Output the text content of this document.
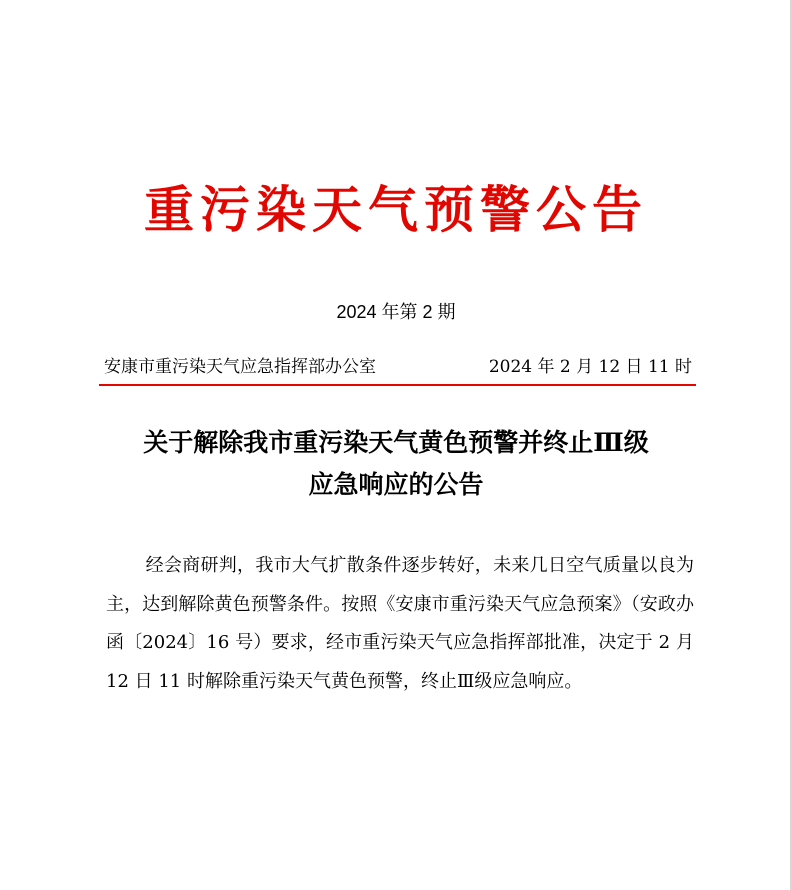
重污染天气预警公告
2024 年第 2 期
安康市重污染天气应急指挥部办公室	2024 年 2 月 12 日 11 时
关于解除我市重污染天气黄色预警并终止Ⅲ级
应急响应的公告

经会商研判，我市大气扩散条件逐步转好，未来几日空气质量以良为主，达到解除黄色预警条件。按照《安康市重污染天气应急预案》（安政办函〔2024〕16 号）要求，经市重污染天气应急指挥部批准，决定于 2 月 12 日 11 时解除重污染天气黄色预警，终止Ⅲ级应急响应。
